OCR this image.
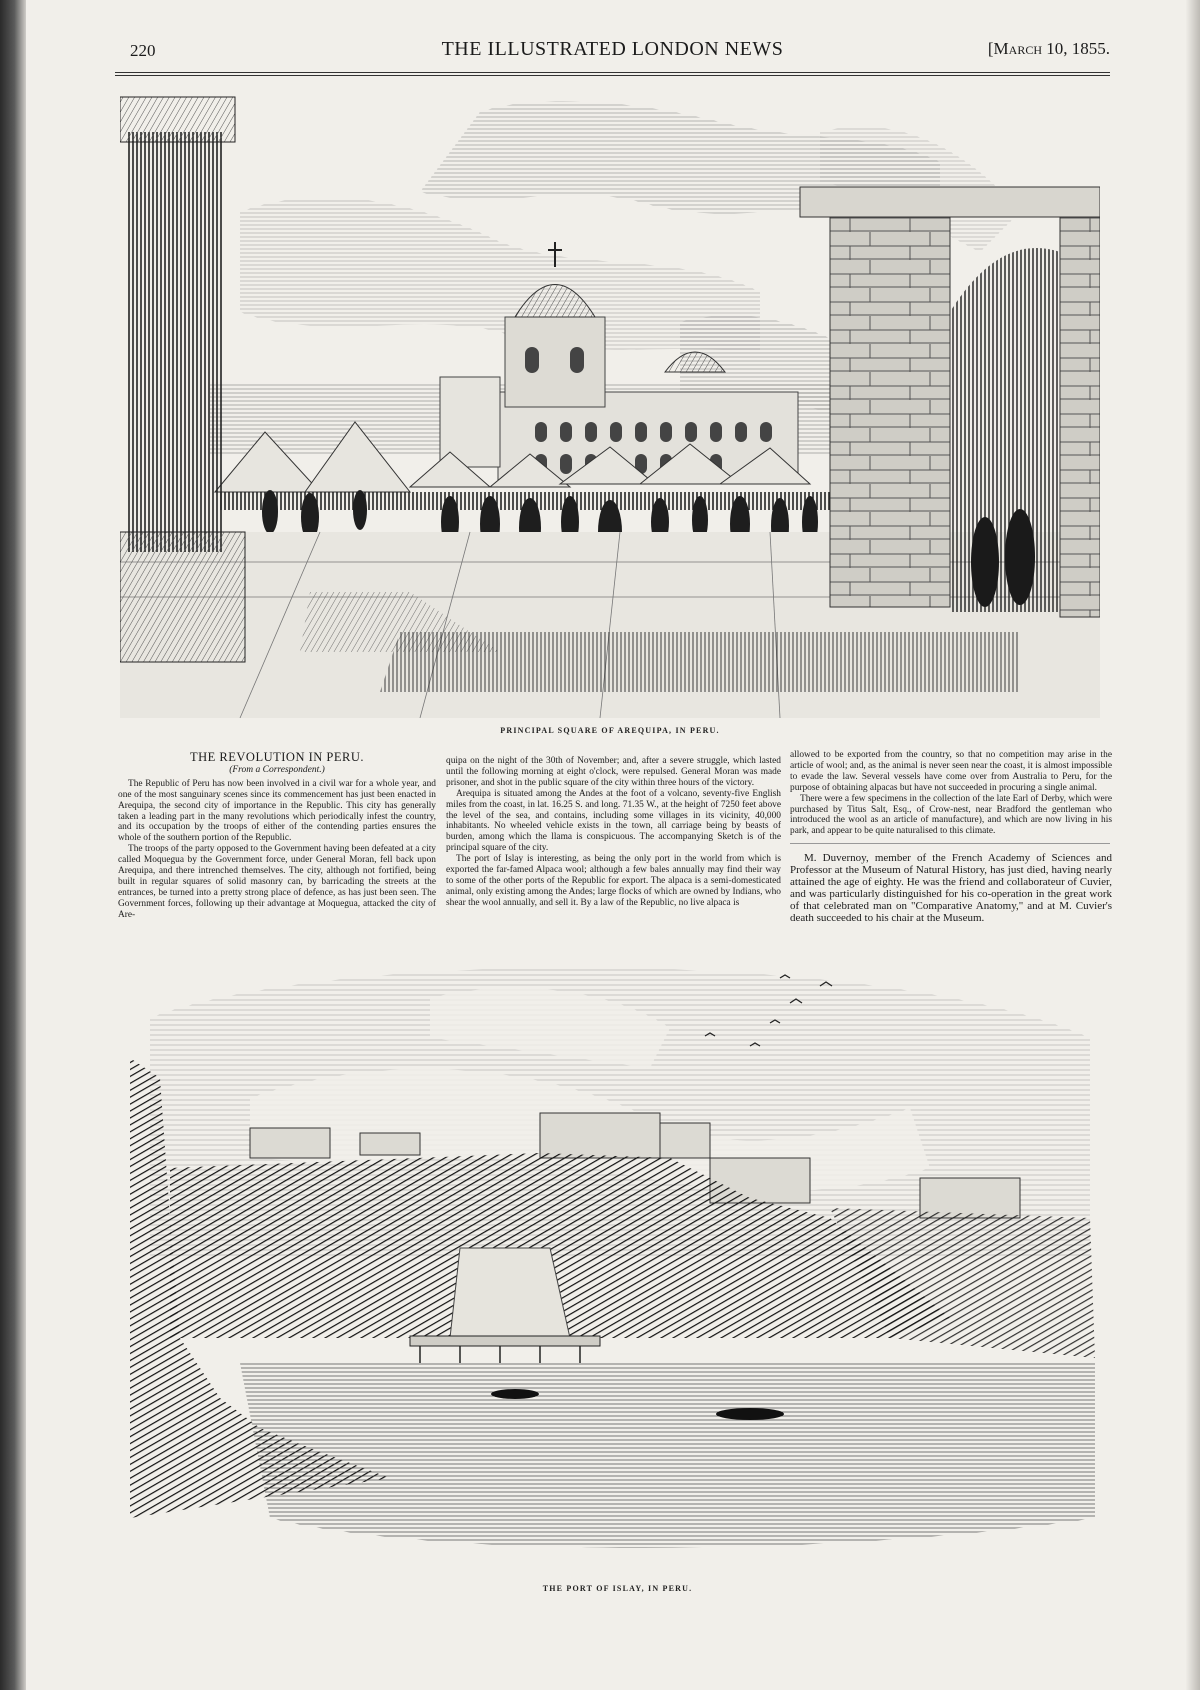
220	THE ILLUSTRATED LONDON NEWS	[March 10, 1855.
PRINCIPAL SQUARE OF AREQUIPA, IN PERU.
THE REVOLUTION IN PERU.
(From a Correspondent.)

The Republic of Peru has now been involved in a civil war for a whole year, and one of the most sanguinary scenes since its commencement has just been enacted in Arequipa, the second city of importance in the Republic. This city has generally taken a leading part in the many revolutions which periodically infest the country, and its occupation by the troops of either of the contending parties ensures the whole of the southern portion of the Republic.

The troops of the party opposed to the Government having been defeated at a city called Moquegua by the Government force, under General Moran, fell back upon Arequipa, and there intrenched themselves. The city, although not fortified, being built in regular squares of solid masonry can, by barricading the streets at the entrances, be turned into a pretty strong place of defence, as has just been seen. The Government forces, following up their advantage at Moquegua, attacked the city of Are-

quipa on the night of the 30th of November; and, after a severe struggle, which lasted until the following morning at eight o'clock, were repulsed. General Moran was made prisoner, and shot in the public square of the city within three hours of the victory.

Arequipa is situated among the Andes at the foot of a volcano, seventy-five English miles from the coast, in lat. 16.25 S. and long. 71.35 W., at the height of 7250 feet above the level of the sea, and contains, including some villages in its vicinity, 40,000 inhabitants. No wheeled vehicle exists in the town, all carriage being by beasts of burden, among which the llama is conspicuous. The accompanying Sketch is of the principal square of the city.

The port of Islay is interesting, as being the only port in the world from which is exported the far-famed Alpaca wool; although a few bales annually may find their way to some of the other ports of the Republic for export. The alpaca is a semi-domesticated animal, only existing among the Andes; large flocks of which are owned by Indians, who shear the wool annually, and sell it. By a law of the Republic, no live alpaca is

allowed to be exported from the country, so that no competition may arise in the article of wool; and, as the animal is never seen near the coast, it is almost impossible to evade the law. Several vessels have come over from Australia to Peru, for the purpose of obtaining alpacas but have not succeeded in procuring a single animal.

There were a few specimens in the collection of the late Earl of Derby, which were purchased by Titus Salt, Esq., of Crow-nest, near Bradford the gentleman who introduced the wool as an article of manufacture), and which are now living in his park, and appear to be quite naturalised to this climate.

M. Duvernoy, member of the French Academy of Sciences and Professor at the Museum of Natural History, has just died, having nearly attained the age of eighty. He was the friend and collaborateur of Cuvier, and was particularly distinguished for his co-operation in the great work of that celebrated man on "Comparative Anatomy," and at M. Cuvier's death succeeded to his chair at the Museum.

THE PORT OF ISLAY, IN PERU.
